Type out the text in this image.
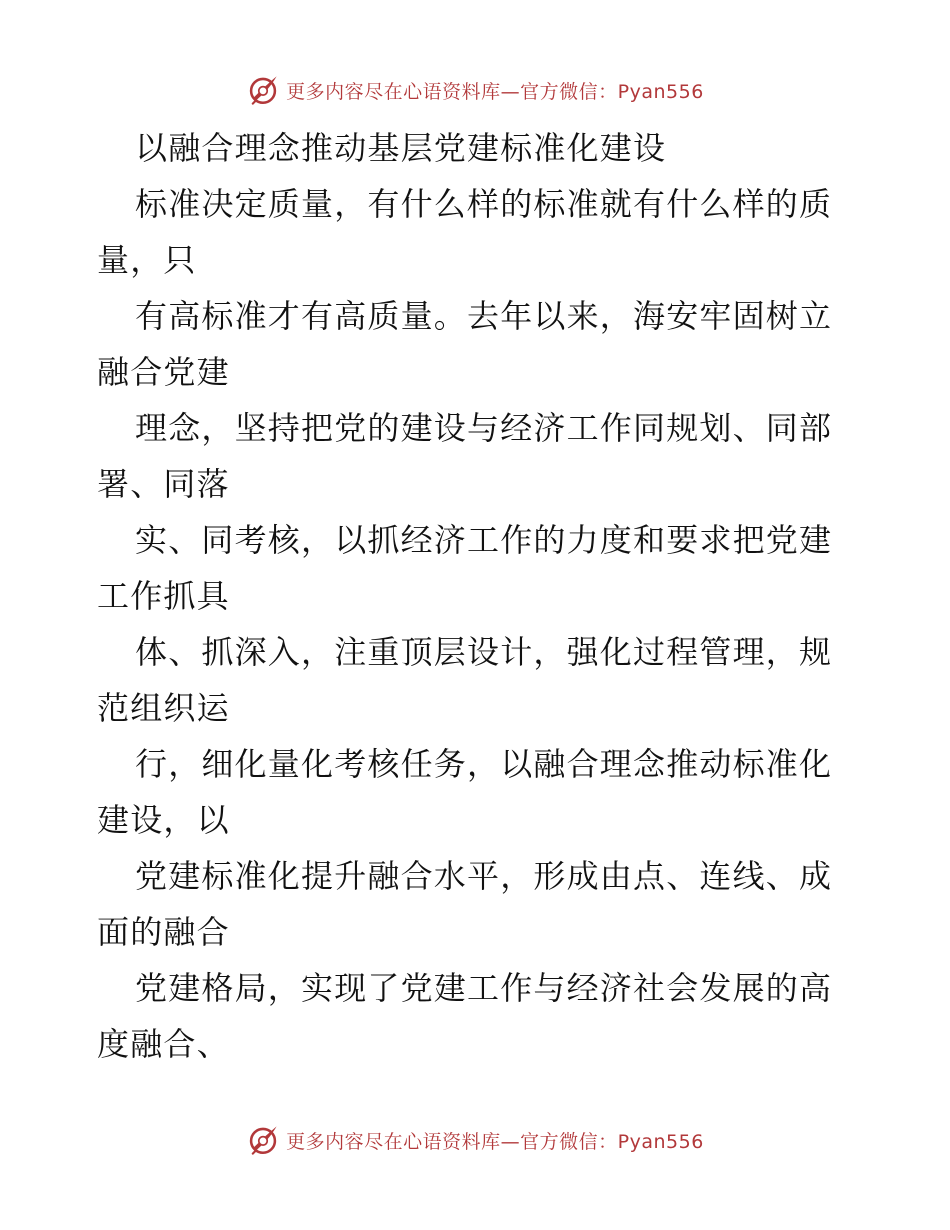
更多内容尽在心语资料库—官方微信：Pyan556
以融合理念推动基层党建标准化建设
标准决定质量，有什么样的标准就有什么样的质
量，只
有高标准才有高质量。去年以来，海安牢固树立
融合党建
理念，坚持把党的建设与经济工作同规划、同部
署、同落
实、同考核，以抓经济工作的力度和要求把党建
工作抓具
体、抓深入，注重顶层设计，强化过程管理，规
范组织运
行，细化量化考核任务，以融合理念推动标准化
建设，以
党建标准化提升融合水平，形成由点、连线、成
面的融合
党建格局，实现了党建工作与经济社会发展的高
度融合、
更多内容尽在心语资料库—官方微信：Pyan556
